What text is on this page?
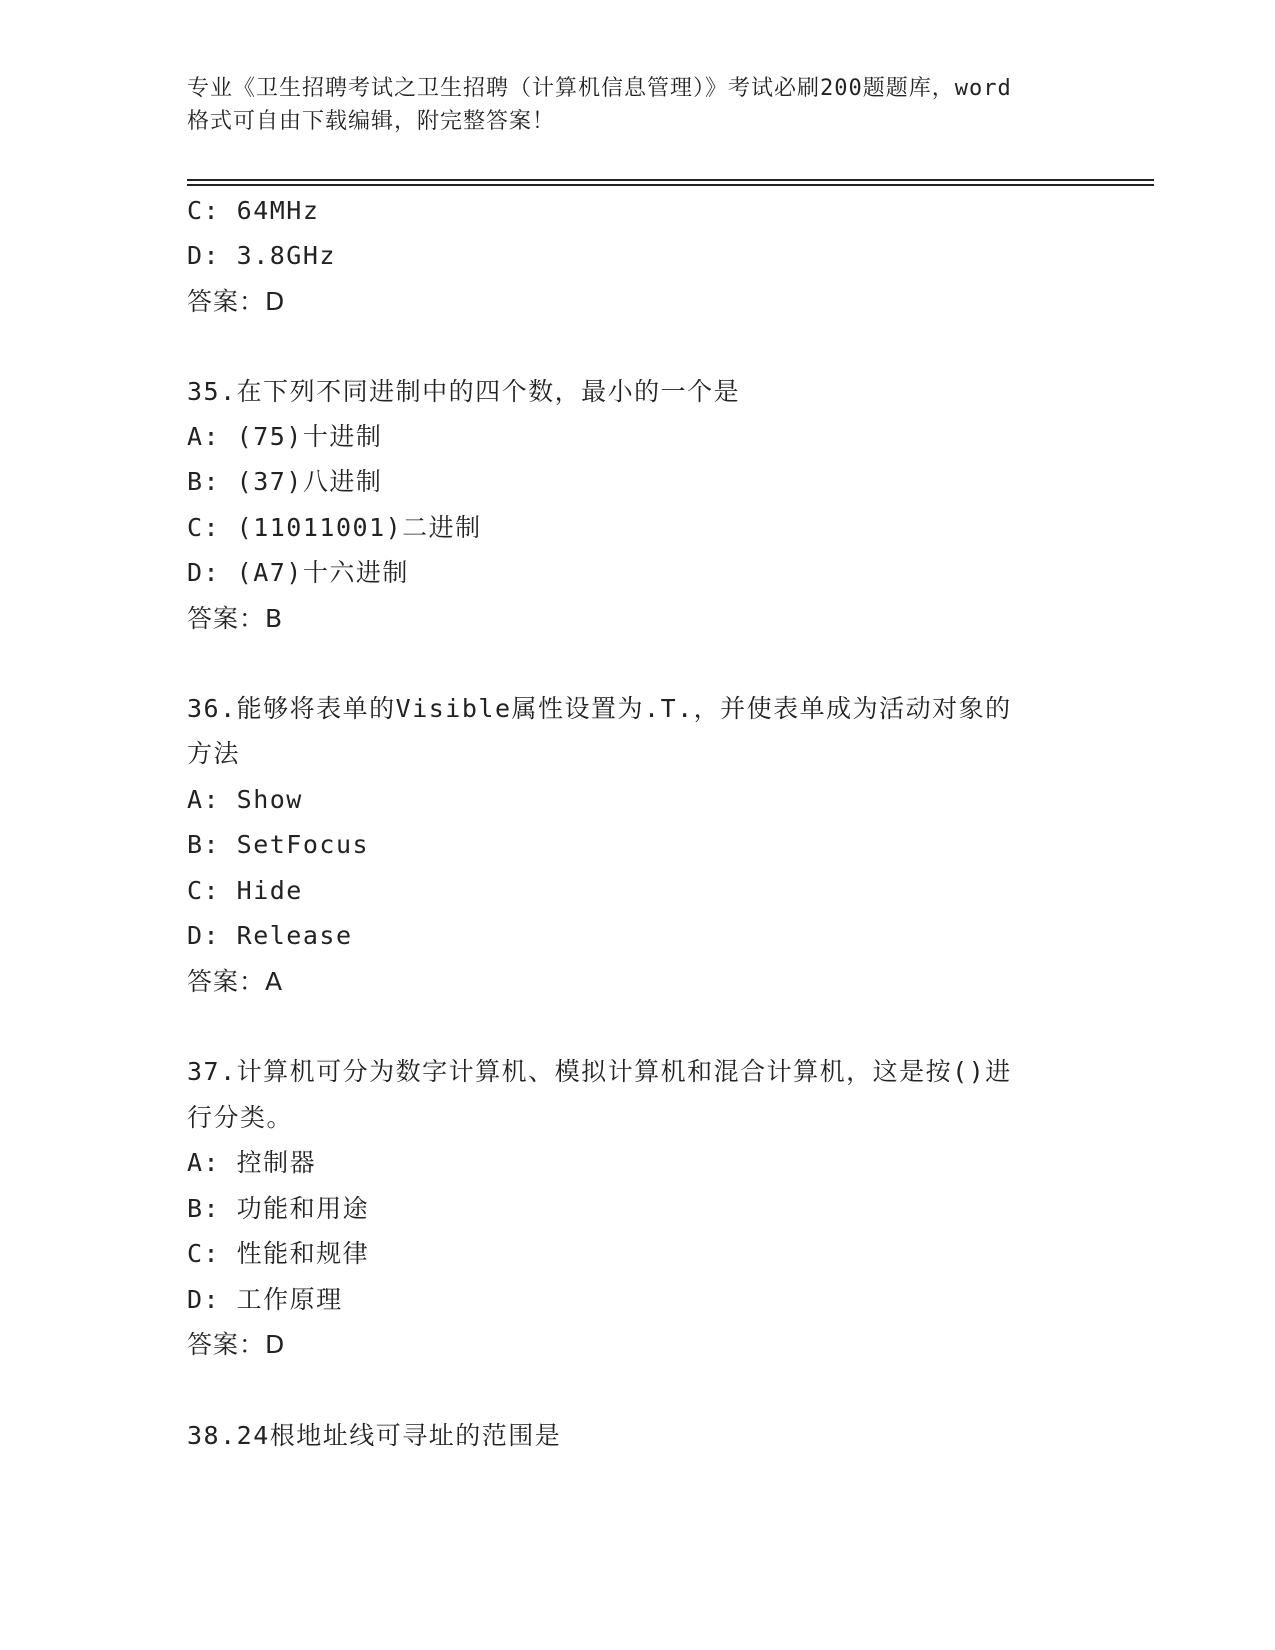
专业《卫生招聘考试之卫生招聘（计算机信息管理）》考试必刷200题题库，word
格式可自由下载编辑，附完整答案！
C: 64MHz
D: 3.8GHz
答案：D
35.在下列不同进制中的四个数，最小的一个是
A: (75)十进制
B: (37)八进制
C: (11011001)二进制
D: (A7)十六进制
答案：B
36.能够将表单的Visible属性设置为.T.，并使表单成为活动对象的
方法
A: Show
B: SetFocus
C: Hide
D: Release
答案：A
37.计算机可分为数字计算机、模拟计算机和混合计算机，这是按()进
行分类。
A: 控制器
B: 功能和用途
C: 性能和规律
D: 工作原理
答案：D
38.24根地址线可寻址的范围是
